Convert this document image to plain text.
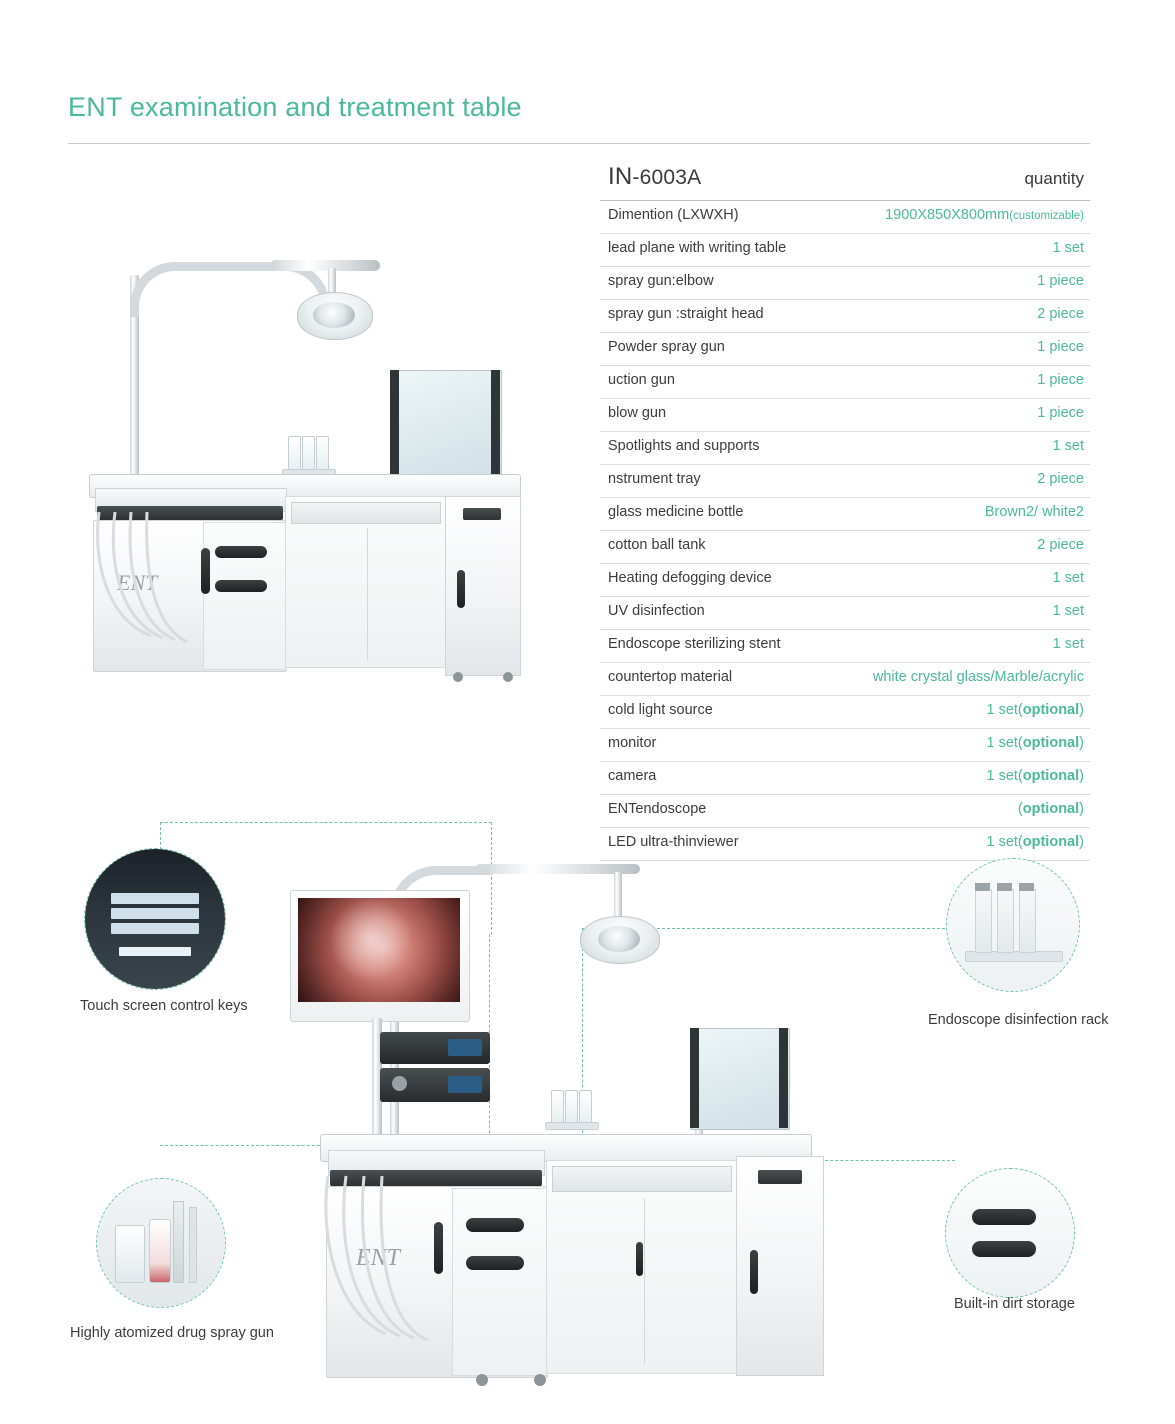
ENT examination and treatment table
IN-6003A	quantity
Dimention (LXWXH)	1900X850X800mm(customizable)
lead plane with writing table	1 set
spray gun:elbow	1 piece
spray gun :straight head	2 piece
Powder spray gun	1 piece
uction gun	1 piece
blow gun	1 piece
Spotlights and supports	1 set
nstrument tray	2 piece
glass medicine bottle	Brown2/ white2
cotton ball tank	2 piece
Heating defogging device	1 set
UV disinfection	1 set
Endoscope sterilizing stent	1 set
countertop material	white crystal glass/Marble/acrylic
cold light source	1 set(optional)
monitor	1 set(optional)
camera	1 set(optional)
ENTendoscope	(optional)
LED ultra-thinviewer	1 set(optional)
ENT
Touch screen control keys
Endoscope disinfection rack
Highly atomized drug spray gun
Built-in dirt storage
ENT
